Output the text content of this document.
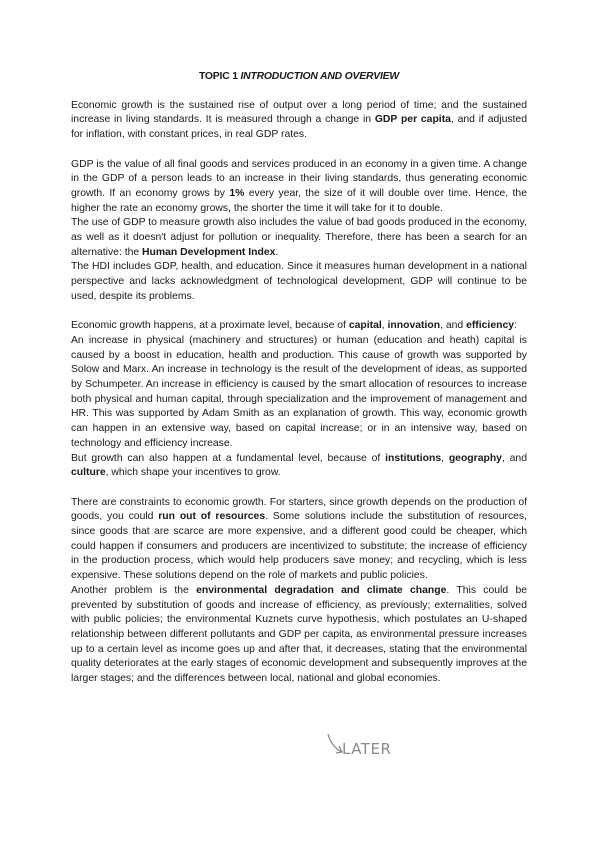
TOPIC 1 INTRODUCTION AND OVERVIEW

Economic growth is the sustained rise of output over a long period of time; and the sustained increase in living standards. It is measured through a change in GDP per capita, and if adjusted for inflation, with constant prices, in real GDP rates.

GDP is the value of all final goods and services produced in an economy in a given time. A change in the GDP of a person leads to an increase in their living standards, thus generating economic growth. If an economy grows by 1% every year, the size of it will double over time. Hence, the higher the rate an economy grows, the shorter the time it will take for it to double.

The use of GDP to measure growth also includes the value of bad goods produced in the economy, as well as it doesn't adjust for pollution or inequality. Therefore, there has been a search for an alternative: the Human Development Index.

The HDI includes GDP, health, and education. Since it measures human development in a national perspective and lacks acknowledgment of technological development, GDP will continue to be used, despite its problems.

Economic growth happens, at a proximate level, because of capital, innovation, and efficiency:

An increase in physical (machinery and structures) or human (education and heath) capital is caused by a boost in education, health and production. This cause of growth was supported by Solow and Marx. An increase in technology is the result of the development of ideas, as supported by Schumpeter. An increase in efficiency is caused by the smart allocation of resources to increase both physical and human capital, through specialization and the improvement of management and HR. This was supported by Adam Smith as an explanation of growth. This way, economic growth can happen in an extensive way, based on capital increase; or in an intensive way, based on technology and efficiency increase.

But growth can also happen at a fundamental level, because of institutions, geography, and culture, which shape your incentives to grow.

There are constraints to economic growth. For starters, since growth depends on the production of goods, you could run out of resources. Some solutions include the substitution of resources, since goods that are scarce are more expensive, and a different good could be cheaper, which could happen if consumers and producers are incentivized to substitute; the increase of efficiency in the production process, which would help producers save money; and recycling, which is less expensive. These solutions depend on the role of markets and public policies.

Another problem is the environmental degradation and climate change. This could be prevented by substitution of goods and increase of efficiency, as previously; externalities, solved with public policies; the environmental Kuznets curve hypothesis, which postulates an U-shaped relationship between different pollutants and GDP per capita, as environmental pressure increases up to a certain level as income goes up and after that, it decreases, stating that the environmental quality deteriorates at the early stages of economic development and subsequently improves at the larger stages; and the differences between local, national and global economies.

LATER
